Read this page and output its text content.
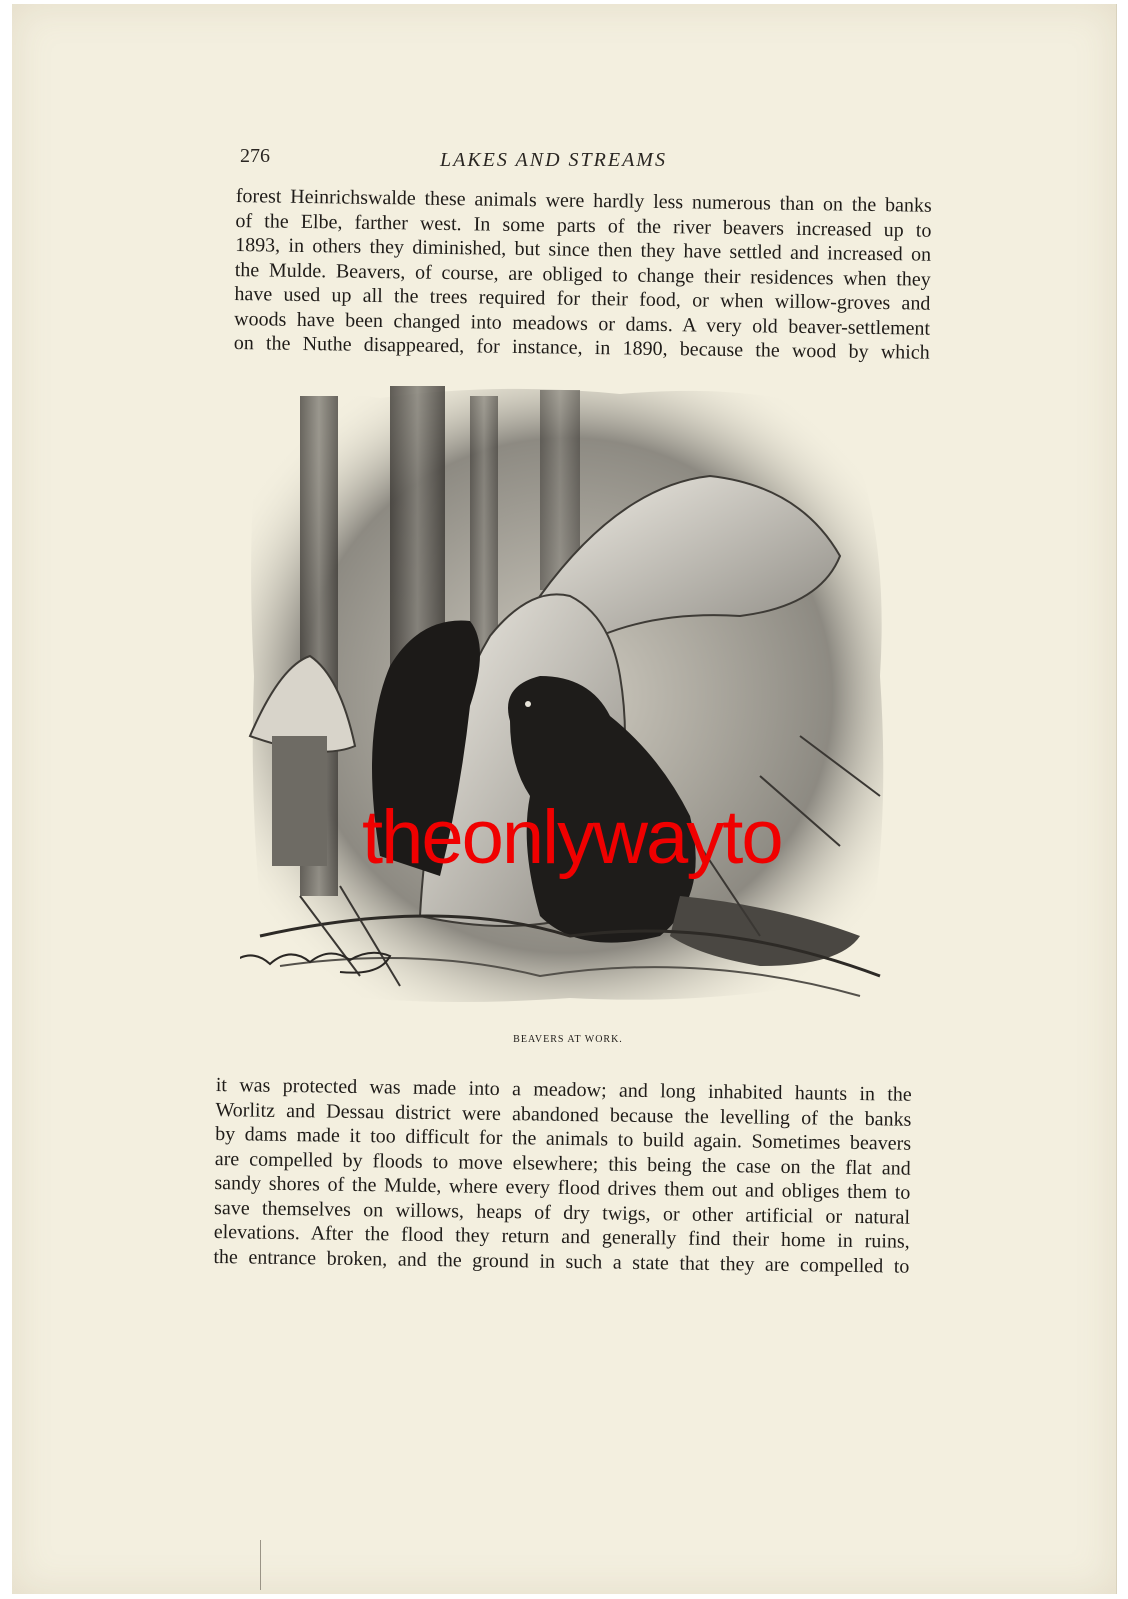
276	LAKES AND STREAMS
forest Heinrichswalde these animals were hardly less numerous than on the banks
of the Elbe, farther west. In some parts of the river beavers increased up to
1893, in others they diminished, but since then they have settled and increased on
the Mulde. Beavers, of course, are obliged to change their residences when they
have used up all the trees required for their food, or when willow-groves and
woods have been changed into meadows or dams. A very old beaver-settlement
on the Nuthe disappeared, for instance, in 1890, because the wood by which
theonlywayto
BEAVERS AT WORK.
it was protected was made into a meadow; and long inhabited haunts in the
Worlitz and Dessau district were abandoned because the levelling of the banks
by dams made it too difficult for the animals to build again. Sometimes beavers
are compelled by floods to move elsewhere; this being the case on the flat and
sandy shores of the Mulde, where every flood drives them out and obliges them to
save themselves on willows, heaps of dry twigs, or other artificial or natural
elevations. After the flood they return and generally find their home in ruins,
the entrance broken, and the ground in such a state that they are compelled to
